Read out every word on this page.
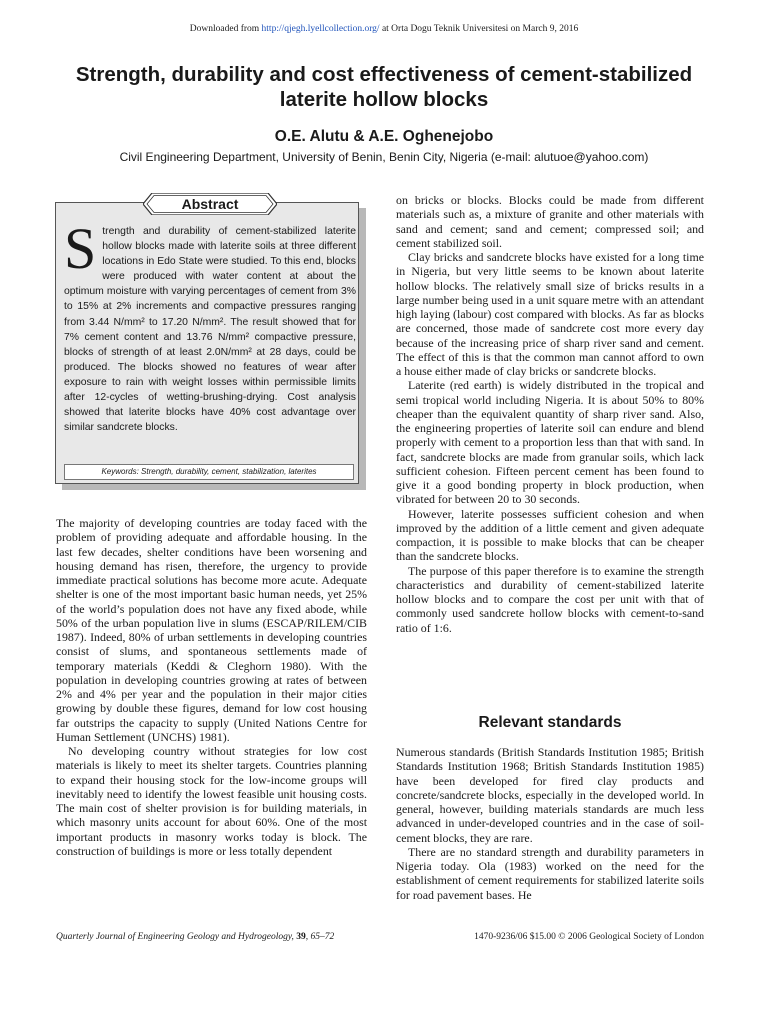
Downloaded from http://qjegh.lyellcollection.org/ at Orta Dogu Teknik Universitesi on March 9, 2016
Strength, durability and cost effectiveness of cement-stabilized laterite hollow blocks
O.E. Alutu & A.E. Oghenejobo
Civil Engineering Department, University of Benin, Benin City, Nigeria (e-mail: alutuoe@yahoo.com)
Abstract
Strength and durability of cement-stabilized laterite hollow blocks made with laterite soils at three different locations in Edo State were studied. To this end, blocks were produced with water content at about the optimum moisture with varying percentages of cement from 3% to 15% at 2% increments and compactive pressures ranging from 3.44 N/mm² to 17.20 N/mm². The result showed that for 7% cement content and 13.76 N/mm² compactive pressure, blocks of strength of at least 2.0N/mm² at 28 days, could be produced. The blocks showed no features of wear after exposure to rain with weight losses within permissible limits after 12-cycles of wetting-brushing-drying. Cost analysis showed that laterite blocks have 40% cost advantage over similar sandcrete blocks.
Keywords: Strength, durability, cement, stabilization, laterites

The majority of developing countries are today faced with the problem of providing adequate and affordable housing. In the last few decades, shelter conditions have been worsening and housing demand has risen, therefore, the urgency to provide immediate practical solutions has become more acute. Adequate shelter is one of the most important basic human needs, yet 25% of the world’s population does not have any fixed abode, while 50% of the urban population live in slums (ESCAP/RILEM/CIB 1987). Indeed, 80% of urban settlements in developing countries consist of slums, and spontaneous settlements made of temporary materials (Keddi & Cleghorn 1980). With the population in developing countries growing at rates of between 2% and 4% per year and the population in their major cities growing by double these figures, demand for low cost housing far outstrips the capacity to supply (United Nations Centre for Human Settlement (UNCHS) 1981).

No developing country without strategies for low cost materials is likely to meet its shelter targets. Countries planning to expand their housing stock for the low-income groups will inevitably need to identify the lowest feasible unit housing costs. The main cost of shelter provision is for building materials, in which masonry units account for about 60%. One of the most important products in masonry works today is block. The construction of buildings is more or less totally dependent

on bricks or blocks. Blocks could be made from different materials such as, a mixture of granite and other materials with sand and cement; sand and cement; compressed soil; and cement stabilized soil.

Clay bricks and sandcrete blocks have existed for a long time in Nigeria, but very little seems to be known about laterite hollow blocks. The relatively small size of bricks results in a large number being used in a unit square metre with an attendant high laying (labour) cost compared with blocks. As far as blocks are concerned, those made of sandcrete cost more every day because of the increasing price of sharp river sand and cement. The effect of this is that the common man cannot afford to own a house either made of clay bricks or sandcrete blocks.

Laterite (red earth) is widely distributed in the tropical and semi tropical world including Nigeria. It is about 50% to 80% cheaper than the equivalent quantity of sharp river sand. Also, the engineering properties of laterite soil can endure and blend properly with cement to a proportion less than that with sand. In fact, sandcrete blocks are made from granular soils, which lack sufficient cohesion. Fifteen percent cement has been found to give it a good bonding property in block production, when vibrated for between 20 to 30 seconds.

However, laterite possesses sufficient cohesion and when improved by the addition of a little cement and given adequate compaction, it is possible to make blocks that can be cheaper than the sandcrete blocks.

The purpose of this paper therefore is to examine the strength characteristics and durability of cement-stabilized laterite hollow blocks and to compare the cost per unit with that of commonly used sandcrete hollow blocks with cement-to-sand ratio of 1:6.

Relevant standards

Numerous standards (British Standards Institution 1985; British Standards Institution 1968; British Standards Institution 1985) have been developed for fired clay products and concrete/sandcrete blocks, especially in the developed world. In general, however, building materials standards are much less advanced in under-developed countries and in the case of soil-cement blocks, they are rare.

There are no standard strength and durability parameters in Nigeria today. Ola (1983) worked on the need for the establishment of cement requirements for stabilized laterite soils for road pavement bases. He

Quarterly Journal of Engineering Geology and Hydrogeology, 39, 65–72	1470-9236/06 $15.00 © 2006 Geological Society of London
